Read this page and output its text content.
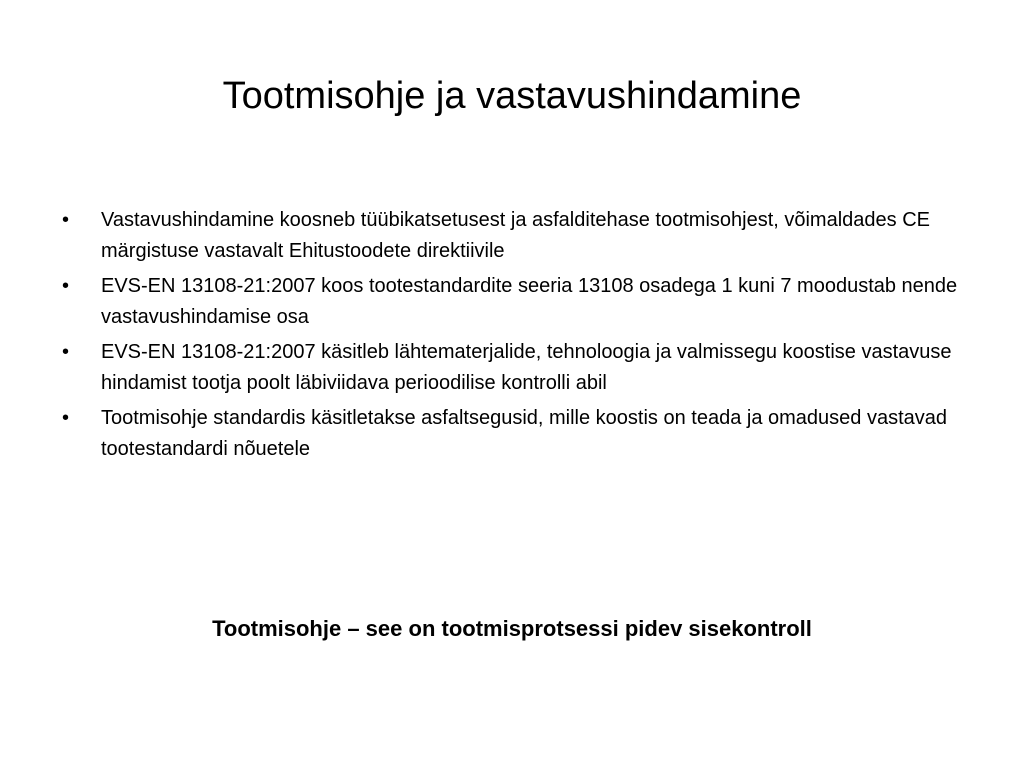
Tootmisohje ja vastavushindamine
•	Vastavushindamine koosneb tüübikatsetusest ja asfalditehase tootmisohjest, võimaldades CE märgistuse vastavalt Ehitustoodete direktiivile
•	EVS-EN 13108-21:2007 koos tootestandardite seeria 13108 osadega 1 kuni 7 moodustab nende vastavushindamise osa
•	EVS-EN 13108-21:2007 käsitleb lähtematerjalide, tehnoloogia ja valmissegu koostise vastavuse hindamist tootja poolt läbiviidava perioodilise kontrolli abil
•	Tootmisohje standardis käsitletakse asfaltsegusid, mille koostis on teada ja omadused vastavad tootestandardi nõuetele

Tootmisohje – see on tootmisprotsessi pidev sisekontroll
